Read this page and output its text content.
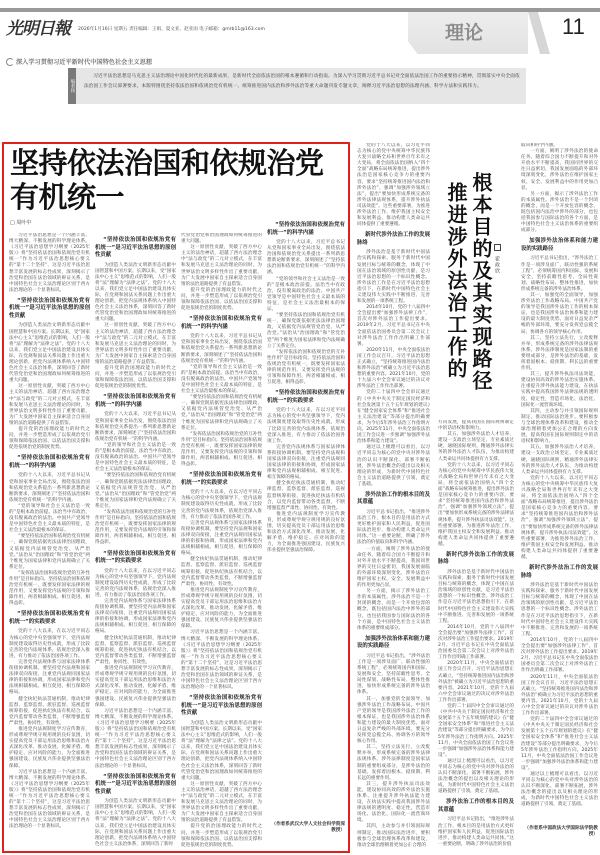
光明日報 2026年1月16日 星期五 责任编辑：王娟、夏文亚、赵亚雨 电子邮箱：gmrb11@163.com	理论	11
深入学习贯彻习近平新时代中国特色社会主义思想
编者按
习近平法治思想是马克思主义法治理论中国化时代化的最新成果，是新时代全面依法治国的根本遵循和行动指南。为深入学习贯彻习近平总书记对全面依法治国工作的重要指示精神，贯彻落实中央全面依法治国工作会议部署要求，本版特围绕坚持依法治国和依规治党有机统一、统筹推进国内法治和涉外法治等重大命题刊发专题文章，阐释习近平法治思想的法理内涵、科学方法和实践伟力。
坚持依法治国和依规治党
有机统一
□ 周叶中

习近平法治思想是一个内涵丰富、博大精深、不断发展的科学理论体系。《习近平法治思想学习纲要（2025年版）》将“坚持依法治国和依规治党有机统一”作为习近平法治思想核心要义的“第十二个坚持”，这是习近平法治思想丰富发展的标志性成果，深刻揭示了治党和治国在法治领域的辩证关系，是中国特色社会主义法治理论区别于西方法治理论的一个显著标识。

“坚持依法治国和依规治党有机统一”是习近平法治思想的原创性贡献

为创造人类法治文明新形态贡献中国智慧和中国方案。长期以来，受“国家法中心主义”思维范式的影响，人们一般将“法”理解为“法律之法”。党的十八大以来，我们党立足中国法治建设具体实际，在党规和国法关系问题上作出重大理论创新，把党内法规体系纳入中国特色社会主义法治体系，深刻回答了新时代管党治党和治国理政如何统筹推进的重大问题。

这一原创性贡献，突破了西方中心主义的法治神话，超越了西方法治理念中“法与政党”的二元对立模式，在丰富和发展马克思主义法治理论的同时，为世界法治文明多样性作出了重要贡献，为广大发展中国家自主探索适合自身国情的法治道路提供了有益借鉴。

提升党的治国理政能力的时代之问，并进一步塑造形成了以依规治党引领和保障依法治国、以依法治国支撑和促进依规治党的制度优势。

“坚持依法治国和依规治党有机统一”的科学内涵

党的十八大以来，习近平总书记从党和国家事业全局出发，围绕依法治国和依规治党关系提出一系列新思想新论断新要求，深刻阐述了“坚持依法治国和依规治党有机统一”的科学内涵。

“党的领导和社会主义法治是一致的”是根本政治前提。法治当中有政治，没有脱离政治的法治。中国共产党领导是中国特色社会主义最本质的特征，是社会主义法治最根本的保证。

“要坚持依法治国和依规治党有机统一，确保党既依据宪法法律治国理政，又依据党内法规管党治党、从严治党。”法治从“治国理政”和“管党治党”两个维度为国家法律和党内法规确立了关系定位。

“发挥依法治国和依规治党的互补性作用”是目标指向。坚持依法治国和依规治党有机统一，既要发挥国家法律的规范作用，又要发挥党内法规的引领和保障作用，两者相辅相成、相互促进、相得益彰。

“坚持依法治国和依规治党有机统一”的实践要求

党的十八大以来，在以习近平同志为核心的党中央坚强领导下，党内法规制度建设取得历史性成就，形成了比较完善的党内法规体系，依规治党深入推进，有力推动了依法治国各项工作。

完善党内法规体系与国家法律体系衔接协调机制。要坚持党内法规和国家法律双向衔接，注重党内法规同国家法律的衔接和协调，形成国家法律和党内法规相辅相成、相互促进、相互保障的格局。

健全执纪执法贯通机制，推动纪律监督、监察监督、派驻监督、巡视监督统筹衔接，促进执纪执法有机结合，以党内监督带动各类监督，不断增强监督严肃性、协同性、有效性。

推进党内法规制度学习宣传教育，形成尊规学规守规用规的良好氛围，切实提高党员干部运用法治思维和法治方式深化改革、推动发展、化解矛盾、维护稳定、应对风险的能力，为全面推进强国建设、民族复兴伟业提供坚强法治保障。

习近平法治思想是一个内涵丰富、博大精深、不断发展的科学理论体系。《习近平法治思想学习纲要（2025年版）》将“坚持依法治国和依规治党有机统一”作为习近平法治思想核心要义的“第十二个坚持”，这是习近平法治思想丰富发展的标志性成果，深刻揭示了治党和治国在法治领域的辩证关系，是中国特色社会主义法治理论区别于西方法治理论的一个显著标识。

“坚持依法治国和依规治党有机统一”是习近平法治思想的原创性贡献

为创造人类法治文明新形态贡献中国智慧和中国方案。长期以来，受“国家法中心主义”思维范式的影响，人们一般将“法”理解为“法律之法”。党的十八大以来，我们党立足中国法治建设具体实际，在党规和国法关系问题上作出重大理论创新，把党内法规体系纳入中国特色社会主义法治体系，深刻回答了新时代管党治党和治国理政如何统筹推进的重大问题。

这一原创性贡献，突破了西方中心主义的法治神话，超越了西方法治理念中“法与政党”的二元对立模式，在丰富和发展马克思主义法治理论的同时，为世界法治文明多样性作出了重要贡献，为广大发展中国家自主探索适合自身国情的法治道路提供了有益借鉴。

提升党的治国理政能力的时代之问，并进一步塑造形成了以依规治党引领和保障依法治国、以依法治国支撑和促进依规治党的制度优势。

“坚持依法治国和依规治党有机统一”的科学内涵

党的十八大以来，习近平总书记从党和国家事业全局出发，围绕依法治国和依规治党关系提出一系列新思想新论断新要求，深刻阐述了“坚持依法治国和依规治党有机统一”的科学内涵。

“党的领导和社会主义法治是一致的”是根本政治前提。法治当中有政治，没有脱离政治的法治。中国共产党领导是中国特色社会主义最本质的特征，是社会主义法治最根本的保证。

“要坚持依法治国和依规治党有机统一，确保党既依据宪法法律治国理政，又依据党内法规管党治党、从严治党。”法治从“治国理政”和“管党治党”两个维度为国家法律和党内法规确立了关系定位。

“发挥依法治国和依规治党的互补性作用”是目标指向。坚持依法治国和依规治党有机统一，既要发挥国家法律的规范作用，又要发挥党内法规的引领和保障作用，两者相辅相成、相互促进、相得益彰。

“坚持依法治国和依规治党有机统一”的实践要求

党的十八大以来，在以习近平同志为核心的党中央坚强领导下，党内法规制度建设取得历史性成就，形成了比较完善的党内法规体系，依规治党深入推进，有力推动了依法治国各项工作。

完善党内法规体系与国家法律体系衔接协调机制。要坚持党内法规和国家法律双向衔接，注重党内法规同国家法律的衔接和协调，形成国家法律和党内法规相辅相成、相互促进、相互保障的格局。

健全执纪执法贯通机制，推动纪律监督、监察监督、派驻监督、巡视监督统筹衔接，促进执纪执法有机结合，以党内监督带动各类监督，不断增强监督严肃性、协同性、有效性。

推进党内法规制度学习宣传教育，形成尊规学规守规用规的良好氛围，切实提高党员干部运用法治思维和法治方式深化改革、推动发展、化解矛盾、维护稳定、应对风险的能力，为全面推进强国建设、民族复兴伟业提供坚强法治保障。

习近平法治思想是一个内涵丰富、博大精深、不断发展的科学理论体系。《习近平法治思想学习纲要（2025年版）》将“坚持依法治国和依规治党有机统一”作为习近平法治思想核心要义的“第十二个坚持”，这是习近平法治思想丰富发展的标志性成果，深刻揭示了治党和治国在法治领域的辩证关系，是中国特色社会主义法治理论区别于西方法治理论的一个显著标识。

“坚持依法治国和依规治党有机统一”是习近平法治思想的原创性贡献

为创造人类法治文明新形态贡献中国智慧和中国方案。长期以来，受“国家法中心主义”思维范式的影响，人们一般将“法”理解为“法律之法”。党的十八大以来，我们党立足中国法治建设具体实际，在党规和国法关系问题上作出重大理论创新，把党内法规体系纳入中国特色社会主义法治体系，深刻回答了新时

代管党治党和治国理政如何统筹推进的重大问题。

这一原创性贡献，突破了西方中心主义的法治神话，超越了西方法治理念中“法与政党”的二元对立模式，在丰富和发展马克思主义法治理论的同时，为世界法治文明多样性作出了重要贡献，为广大发展中国家自主探索适合自身国情的法治道路提供了有益借鉴。

提升党的治国理政能力的时代之问，并进一步塑造形成了以依规治党引领和保障依法治国、以依法治国支撑和促进依规治党的制度优势。

“坚持依法治国和依规治党有机统一”的科学内涵

党的十八大以来，习近平总书记从党和国家事业全局出发，围绕依法治国和依规治党关系提出一系列新思想新论断新要求，深刻阐述了“坚持依法治国和依规治党有机统一”的科学内涵。

“党的领导和社会主义法治是一致的”是根本政治前提。法治当中有政治，没有脱离政治的法治。中国共产党领导是中国特色社会主义最本质的特征，是社会主义法治最根本的保证。

“要坚持依法治国和依规治党有机统一，确保党既依据宪法法律治国理政，又依据党内法规管党治党、从严治党。”法治从“治国理政”和“管党治党”两个维度为国家法律和党内法规确立了关系定位。

“发挥依法治国和依规治党的互补性作用”是目标指向。坚持依法治国和依规治党有机统一，既要发挥国家法律的规范作用，又要发挥党内法规的引领和保障作用，两者相辅相成、相互促进、相得益彰。

“坚持依法治国和依规治党有机统一”的实践要求

党的十八大以来，在以习近平同志为核心的党中央坚强领导下，党内法规制度建设取得历史性成就，形成了比较完善的党内法规体系，依规治党深入推进，有力推动了依法治国各项工作。

完善党内法规体系与国家法律体系衔接协调机制。要坚持党内法规和国家法律双向衔接，注重党内法规同国家法律的衔接和协调，形成国家法律和党内法规相辅相成、相互促进、相互保障的格局。

健全执纪执法贯通机制，推动纪律监督、监察监督、派驻监督、巡视监督统筹衔接，促进执纪执法有机结合，以党内监督带动各类监督，不断增强监督严肃性、协同性、有效性。

推进党内法规制度学习宣传教育，形成尊规学规守规用规的良好氛围，切实提高党员干部运用法治思维和法治方式深化改革、推动发展、化解矛盾、维护稳定、应对风险的能力，为全面推进强国建设、民族复兴伟业提供坚强法治保障。

习近平法治思想是一个内涵丰富、博大精深、不断发展的科学理论体系。《习近平法治思想学习纲要（2025年版）》将“坚持依法治国和依规治党有机统一”作为习近平法治思想核心要义的“第十二个坚持”，这是习近平法治思想丰富发展的标志性成果，深刻揭示了治党和治国在法治领域的辩证关系，是中国特色社会主义法治理论区别于西方法治理论的一个显著标识。

“坚持依法治国和依规治党有机统一”是习近平法治思想的原创性贡献

为创造人类法治文明新形态贡献中国智慧和中国方案。长期以来，受“国家法中心主义”思维范式的影响，人们一般将“法”理解为“法律之法”。党的十八大以来，我们党立足中国法治建设具体实际，在党规和国法关系问题上作出重大理论创新，把党内法规体系纳入中国特色社会主义法治体系，深刻回答了新时代管党治党和治国理政如何统筹推进的重大问题。

这一原创性贡献，突破了西方中心主义的法治神话，超越了西方法治理念中“法与政党”的二元对立模式，在丰富和发展马克思主义法治理论的同时，为世界法治文明多样性作出了重要贡献，为广大发展中国家自主探索适合自身国情的法治道路提供了有益借鉴。

提升党的治国理政能力的时代之问，并进一步塑造形成了以依规治党引领和保障依法治国、以依法治国支撑和促进依规治党的制度优势。

“坚持依法治国和依规治党有机统一”的科学内涵

党的十八大以来，习近平总书记从党和国家事业全局出发，围绕依法治国和依规治党关系提出一系列新思想新论断新要求，深刻阐述了“坚持依法治国和依规治党有机统一”的科学内涵。

“党的领导和社会主义法治是一致的”是根本政治前提。法治当中有政治，没有脱离政治的法治。中国共产党领导是中国特色社会主义最本质的特征，是社会主义法治最根本的保证。

“要坚持依法治国和依规治党有机统一，确保党既依据宪法法律治国理政，又依据党内法规管党治党、从严治党。”法治从“治国理政”和“管党治党”两个维度为国家法律和党内法规确立了关系定位。

“发挥依法治国和依规治党的互补性作用”是目标指向。坚持依法治国和依规治党有机统一，既要发挥国家法律的规范作用，又要发挥党内法规的引领和保障作用，两者相辅相成、相互促进、相得益彰。

“坚持依法治国和依规治党有机统一”的实践要求

党的十八大以来，在以习近平同志为核心的党中央坚强领导下，党内法规制度建设取得历史性成就，形成了比较完善的党内法规体系，依规治党深入推进，有力推动了依法治国各项工作。

完善党内法规体系与国家法律体系衔接协调机制。要坚持党内法规和国家法律双向衔接，注重党内法规同国家法律的衔接和协调，形成国家法律和党内法规相辅相成、相互促进、相互保障的格局。

健全执纪执法贯通机制，推动纪律监督、监察监督、派驻监督、巡视监督统筹衔接，促进执纪执法有机结合，以党内监督带动各类监督，不断增强监督严肃性、协同性、有效性。

推进党内法规制度学习宣传教育，形成尊规学规守规用规的良好氛围，切实提高党员干部运用法治思维和法治方式深化改革、推动发展、化解矛盾、维护稳定、应对风险的能力，为全面推进强国建设、民族复兴伟业提供坚强法治保障。

（作者系武汉大学人文社会科学资深教授）
根本目的及其实现路径
推进涉外法治工作的	霍政欣

党的十八大以来，以习近平同志为核心的党中央统筹中华民族伟大复兴战略全局和世界百年未有之大变局，将全面依法治国纳入“四个全面”战略布局统筹推进，提出涉外法治是国家核心竞争力的重要内容，要求“坚持统筹推进国内法治和涉外法治”，强调“加强涉外领域立法”，提出“要加快形成系统完备的涉外法律法规体系，提升涉外执法司法效能”。这些重要部署，为推进涉外法治工作、维护我国主权安全和发展利益、推动构建人类命运共同体提供了重要遵循。

新时代涉外法治工作的发展脉络

涉外法治是基于新时代中国法治实践和探索、服务于新时代中国发展目标与统筹的概念，体现了中国在法治领域的原创性贡献，是习近平法治思想的一个标识性概念。涉外法治工作是在习近平法治思想指引下，在新时代中国特色社会主义建设伟大实践中不断推进、完善和发展的一项系统工程。

2014年10月，党的十八届四中全会提出要“加强涉外法律工作”，首次对涉外法治工作提出要求。2019年2月，习近平总书记在中央全面依法治国委员会第二次会议上对涉外法治工作作出明确工作部署。

2020年11月，中央全面依法治国工作会议召开，习近平法治思想正式确立，“坚持统筹推进国内法治和涉外法治”被确立为习近平法治思想的重要内容。2021年10月，党的十九届六中全会审议通过的决议对涉外法治工作作出部署。

党的二十届四中全会审议通过的《中共中央关于制定国民经济和社会发展第十五个五年规划的建议》在“健全国家安全体系”和“推进社会主义法治建设”等部分提出明确要求，为今后5年涉外法治工作指明方向。2025年11月，中央全面依法治国工作会议进一步强调“加强涉外法治体系和能力建设”。

通过以上梳理可以看出，以习近平同志为核心的党中央对涉外法治的认识不断深化、部署不断拓展，涉外法治概念的提出以及相关理论的形成，为新时代中国特色社会主义法治道路提供了引领，奠定了基础。

涉外法治工作的根本目的及其意蕴

习近平总书记指出，“推进涉外法治工作，根本目的是用法治方式更好维护国家和人民利益，促进国际法治进步，推动构建人类命运共同体。”这一重要论断，明确了涉外法治的价值取向和科学内涵。

一方面，阐明了涉外法治的使命任务。随着综合国力不断提升和对外开放水平不断提高，我国同世界的交往日益密切，我国发展面临的外部环境深刻变化，涉外法治在维护国家主权、安全、发展利益中的作用更加凸显。

另一方面，揭示了涉外法治工作的本质属性。涉外法治不是一个封闭的概念，而是一个开放包容的概念，既包括国内法治中涉外的部分，也包括我国参与国际法治的各个方面，是中国特色社会主义法治体系的重要组成部分。

加强涉外法治体系和能力建设的实践路径

习近平总书记指出，“涉外法治工作是一项涉及面广、联动性强的系统工程”，必须统筹国内和国际、发展和安全，坚持前瞻性思考、全局性谋划、战略性布局、整体性推进，加快形成系统完备的涉外法治体系。

其一，加强党的全面领导，加强涉外法治工作战略布局。中国共产党的领导是我国涉外法治工作的根本保证，也是我国涉外法治体系和能力建设的最大制度优势。面对日益复杂严峻的外部环境，要充分发挥党总揽全局、协调各方的领导核心作用。

其二，坚持立法先行，立改废释并举，形成系统完备的涉外法律法规体系。涉外法律制度是国家法制的重要组成部分，是涉外法治的基础，发挥着固根本、稳预期、利长远的重要作用。

其三，提升涉外执法司法效能，建设协同高效的涉外法治实施体系。注重提升涉外执法能力建设，在执法实践中提高我国涉外法律法规的透明度、稳定性，营造市场化、法治化、国际化一流营商环境。

其四，主动参与并引领国际规则制定，推动国际法治进步。要积极参与全球治理体系改革和建设，推动全球治理朝着更加公正合理的

方向发展，提高我国在国际规则制定中的话语权和影响力。

其五，加强涉外法治人才培养，建设一支政治立场坚定、专业素质过硬、通晓国际规则、精通涉外法律实务的涉外法治人才队伍，为推动构建人类命运共同体提供有力支撑。

党的十八大以来，以习近平同志为核心的党中央统筹中华民族伟大复兴战略全局和世界百年未有之大变局，将全面依法治国纳入“四个全面”战略布局统筹推进，提出涉外法治是国家核心竞争力的重要内容，要求“坚持统筹推进国内法治和涉外法治”，强调“加强涉外领域立法”，提出“要加快形成系统完备的涉外法律法规体系，提升涉外执法司法效能”。这些重要部署，为推进涉外法治工作、维护我国主权安全和发展利益、推动构建人类命运共同体提供了重要遵循。

新时代涉外法治工作的发展脉络

涉外法治是基于新时代中国法治实践和探索、服务于新时代中国发展目标与统筹的概念，体现了中国在法治领域的原创性贡献，是习近平法治思想的一个标识性概念。涉外法治工作是在习近平法治思想指引下，在新时代中国特色社会主义建设伟大实践中不断推进、完善和发展的一项系统工程。

2014年10月，党的十八届四中全会提出要“加强涉外法律工作”，首次对涉外法治工作提出要求。2019年2月，习近平总书记在中央全面依法治国委员会第二次会议上对涉外法治工作作出明确工作部署。

2020年11月，中央全面依法治国工作会议召开，习近平法治思想正式确立，“坚持统筹推进国内法治和涉外法治”被确立为习近平法治思想的重要内容。2021年10月，党的十九届六中全会审议通过的决议对涉外法治工作作出部署。

党的二十届四中全会审议通过的《中共中央关于制定国民经济和社会发展第十五个五年规划的建议》在“健全国家安全体系”和“推进社会主义法治建设”等部分提出明确要求，为今后5年涉外法治工作指明方向。2025年11月，中央全面依法治国工作会议进一步强调“加强涉外法治体系和能力建设”。

通过以上梳理可以看出，以习近平同志为核心的党中央对涉外法治的认识不断深化、部署不断拓展，涉外法治概念的提出以及相关理论的形成，为新时代中国特色社会主义法治道路提供了引领，奠定了基础。

涉外法治工作的根本目的及其意蕴

习近平总书记指出，“推进涉外法治工作，根本目的是用法治方式更好维护国家和人民利益，促进国际法治进步，推动构建人类命运共同体。”这一重要论断，明确了涉外法治的价值

取向和科学内涵。

一方面，阐明了涉外法治的使命任务。随着综合国力不断提升和对外开放水平不断提高，我国同世界的交往日益密切，我国发展面临的外部环境深刻变化，涉外法治在维护国家主权、安全、发展利益中的作用更加凸显。

另一方面，揭示了涉外法治工作的本质属性。涉外法治不是一个封闭的概念，而是一个开放包容的概念，既包括国内法治中涉外的部分，也包括我国参与国际法治的各个方面，是中国特色社会主义法治体系的重要组成部分。

加强涉外法治体系和能力建设的实践路径

习近平总书记指出，“涉外法治工作是一项涉及面广、联动性强的系统工程”，必须统筹国内和国际、发展和安全，坚持前瞻性思考、全局性谋划、战略性布局、整体性推进，加快形成系统完备的涉外法治体系。

其一，加强党的全面领导，加强涉外法治工作战略布局。中国共产党的领导是我国涉外法治工作的根本保证，也是我国涉外法治体系和能力建设的最大制度优势。面对日益复杂严峻的外部环境，要充分发挥党总揽全局、协调各方的领导核心作用。

其二，坚持立法先行，立改废释并举，形成系统完备的涉外法律法规体系。涉外法律制度是国家法制的重要组成部分，是涉外法治的基础，发挥着固根本、稳预期、利长远的重要作用。

其三，提升涉外执法司法效能，建设协同高效的涉外法治实施体系。注重提升涉外执法能力建设，在执法实践中提高我国涉外法律法规的透明度、稳定性，营造市场化、法治化、国际化一流营商环境。

其四，主动参与并引领国际规则制定，推动国际法治进步。要积极参与全球治理体系改革和建设，推动全球治理朝着更加公正合理的方向发展，提高我国在国际规则制定中的话语权和影响力。

其五，加强涉外法治人才培养，建设一支政治立场坚定、专业素质过硬、通晓国际规则、精通涉外法律实务的涉外法治人才队伍，为推动构建人类命运共同体提供有力支撑。

党的十八大以来，以习近平同志为核心的党中央统筹中华民族伟大复兴战略全局和世界百年未有之大变局，将全面依法治国纳入“四个全面”战略布局统筹推进，提出涉外法治是国家核心竞争力的重要内容，要求“坚持统筹推进国内法治和涉外法治”，强调“加强涉外领域立法”，提出“要加快形成系统完备的涉外法律法规体系，提升涉外执法司法效能”。这些重要部署，为推进涉外法治工作、维护我国主权安全和发展利益、推动构建人类命运共同体提供了重要遵循。

新时代涉外法治工作的发展脉络

涉外法治是基于新时代中国法治实践和探索、服务于新时代中国发展目标与统筹的概念，体现了中国在法治领域的原创性贡献，是习近平法治思想的一个标识性概念。涉外法治工作是在习近平法治思想指引下，在新时代中国特色社会主义建设伟大实践中不断推进、完善和发展的一项系统工程。

2014年10月，党的十八届四中全会提出要“加强涉外法律工作”，首次对涉外法治工作提出要求。2019年2月，习近平总书记在中央全面依法治国委员会第二次会议上对涉外法治工作作出明确工作部署。

2020年11月，中央全面依法治国工作会议召开，习近平法治思想正式确立，“坚持统筹推进国内法治和涉外法治”被确立为习近平法治思想的重要内容。2021年10月，党的十九届六中全会审议通过的决议对涉外法治工作作出部署。

党的二十届四中全会审议通过的《中共中央关于制定国民经济和社会发展第十五个五年规划的建议》在“健全国家安全体系”和“推进社会主义法治建设”等部分提出明确要求，为今后5年涉外法治工作指明方向。2025年11月，中央全面依法治国工作会议进一步强调“加强涉外法治体系和能力建设”。

通过以上梳理可以看出，以习近平同志为核心的党中央对涉外法治的认识不断深化、部署不断拓展，涉外法治概念的提出以及相关理论的形成，为新时代中国特色社会主义法治道路提供了引领，奠定了基础。

（作者系中国政法大学国际法学院教授）
